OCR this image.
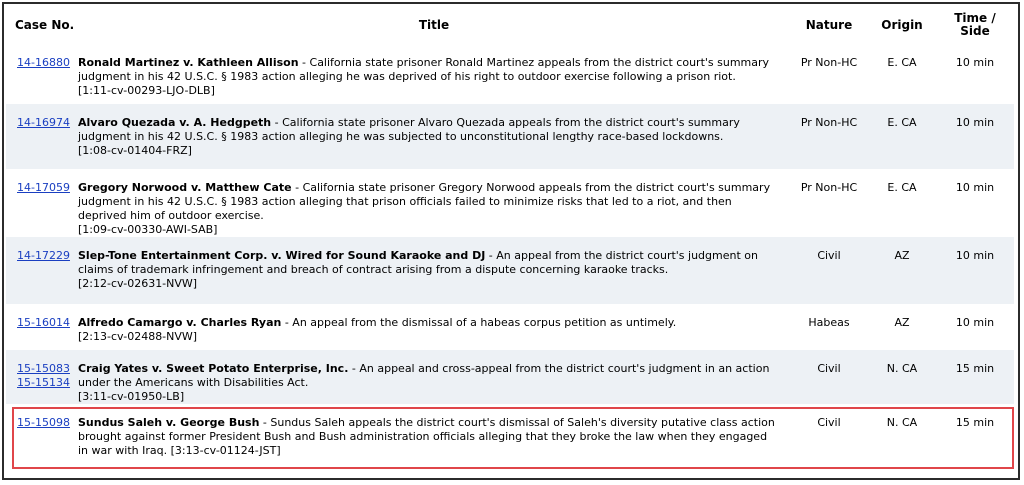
Case No.	Title	Nature	Origin	Time /
Side

14-16880	Ronald Martinez v. Kathleen Allison - California state prisoner Ronald Martinez appeals from the district court's summary judgment in his 42 U.S.C. § 1983 action alleging he was deprived of his right to outdoor exercise following a prison riot.
[1:11-cv-00293-LJO-DLB]	Pr Non-HC	E. CA	10 min

14-16974	Alvaro Quezada v. A. Hedgpeth - California state prisoner Alvaro Quezada appeals from the district court's summary judgment in his 42 U.S.C. § 1983 action alleging he was subjected to unconstitutional lengthy race-based lockdowns.
[1:08-cv-01404-FRZ]	Pr Non-HC	E. CA	10 min

14-17059	Gregory Norwood v. Matthew Cate - California state prisoner Gregory Norwood appeals from the district court's summary judgment in his 42 U.S.C. § 1983 action alleging that prison officials failed to minimize risks that led to a riot, and then deprived him of outdoor exercise.
[1:09-cv-00330-AWI-SAB]	Pr Non-HC	E. CA	10 min

14-17229	Slep-Tone Entertainment Corp. v. Wired for Sound Karaoke and DJ - An appeal from the district court's judgment on claims of trademark infringement and breach of contract arising from a dispute concerning karaoke tracks.
[2:12-cv-02631-NVW]	Civil	AZ	10 min

15-16014	Alfredo Camargo v. Charles Ryan - An appeal from the dismissal of a habeas corpus petition as untimely.
[2:13-cv-02488-NVW]	Habeas	AZ	10 min

15-15083
15-15134	Craig Yates v. Sweet Potato Enterprise, Inc. - An appeal and cross-appeal from the district court's judgment in an action under the Americans with Disabilities Act.
[3:11-cv-01950-LB]	Civil	N. CA	15 min

15-15098	Sundus Saleh v. George Bush - Sundus Saleh appeals the district court's dismissal of Saleh's diversity putative class action brought against former President Bush and Bush administration officials alleging that they broke the law when they engaged in war with Iraq. [3:13-cv-01124-JST]	Civil	N. CA	15 min
